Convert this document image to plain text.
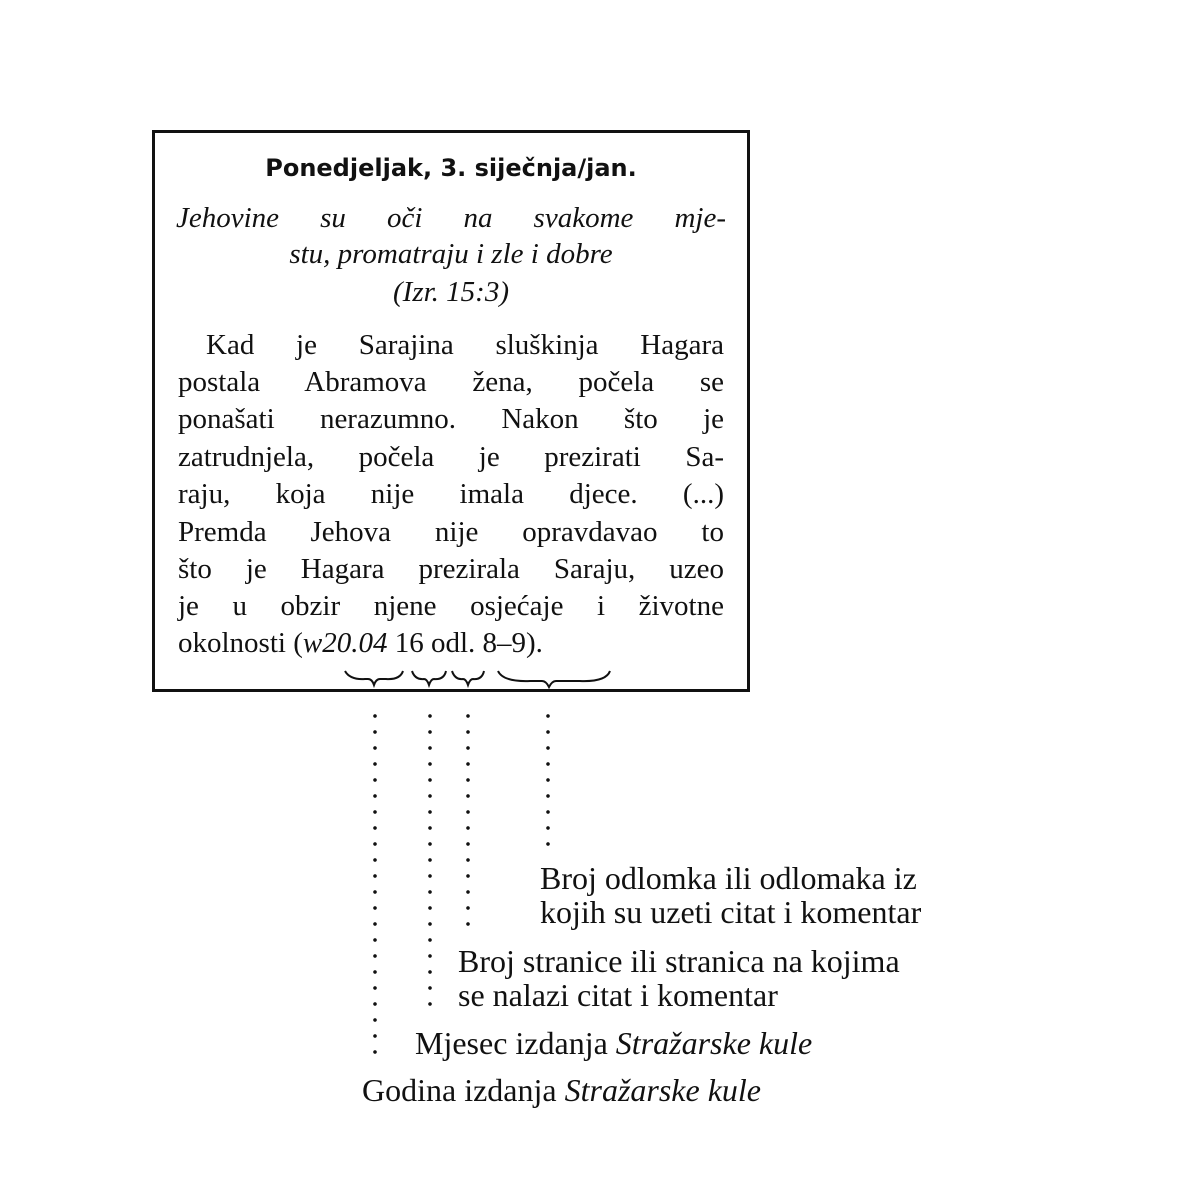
Ponedjeljak, 3. siječnja/jan.
Jehovine su oči na svakome mje-
stu, promatraju i zle i dobre
(Izr. 15:3)
Kad je Sarajina sluškinja Hagara
postala Abramova žena, počela se
ponašati nerazumno. Nakon što je
zatrudnjela, počela je prezirati Sa-
raju, koja nije imala djece. (...)
Premda Jehova nije opravdavao to
što je Hagara prezirala Saraju, uzeo
je u obzir njene osjećaje i životne
okolnosti (w20.04 16 odl. 8–9).
Broj odlomka ili odlomaka iz
kojih su uzeti citat i komentar
Broj stranice ili stranica na kojima
se nalazi citat i komentar
Mjesec izdanja Stražarske kule
Godina izdanja Stražarske kule
